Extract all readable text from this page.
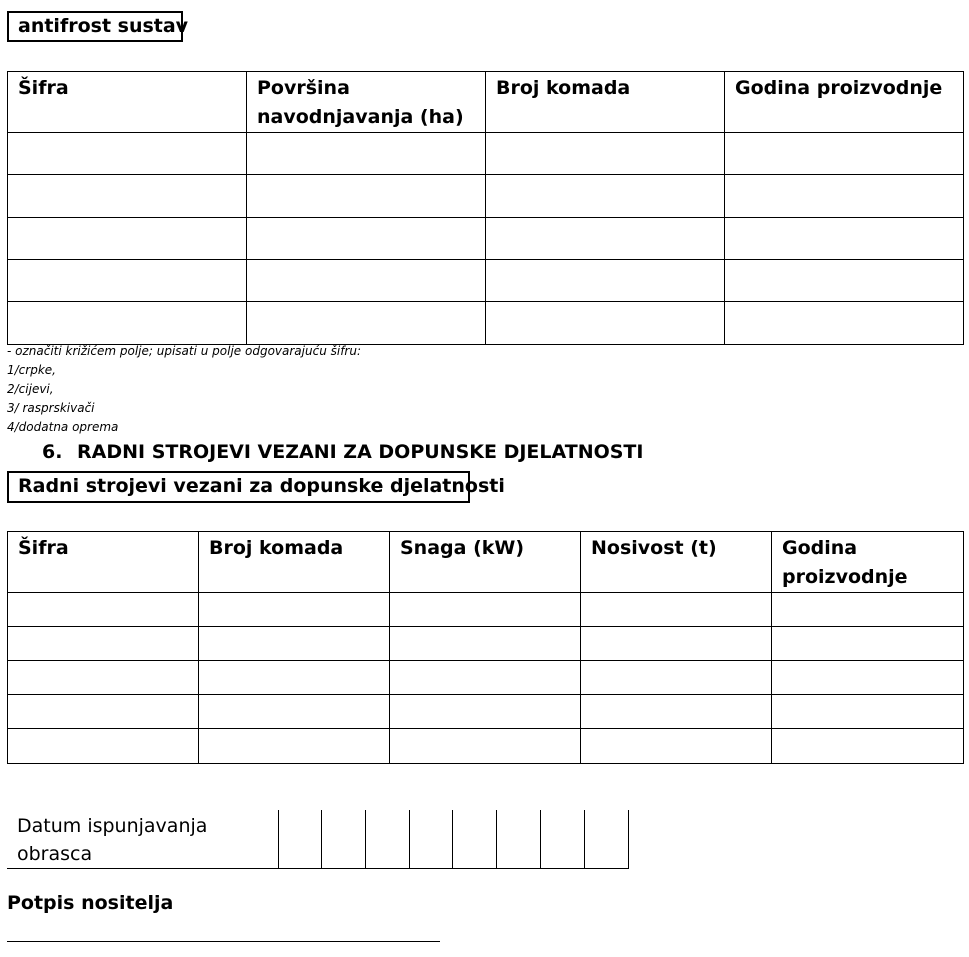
antifrost sustav
Šifra	Površina navodnjavanja (ha)	Broj komada	Godina proizvodnje

- označiti križićem polje; upisati u polje odgovarajuću šifru:
1/crpke,
2/cijevi,
3/ rasprskivači
4/dodatna oprema
6. RADNI STROJEVI VEZANI ZA DOPUNSKE DJELATNOSTI
Radni strojevi vezani za dopunske djelatnosti
Šifra	Broj komada	Snaga (kW)	Nosivost (t)	Godina proizvodnje

Datum ispunjavanja obrasca								
Potpis nositelja
